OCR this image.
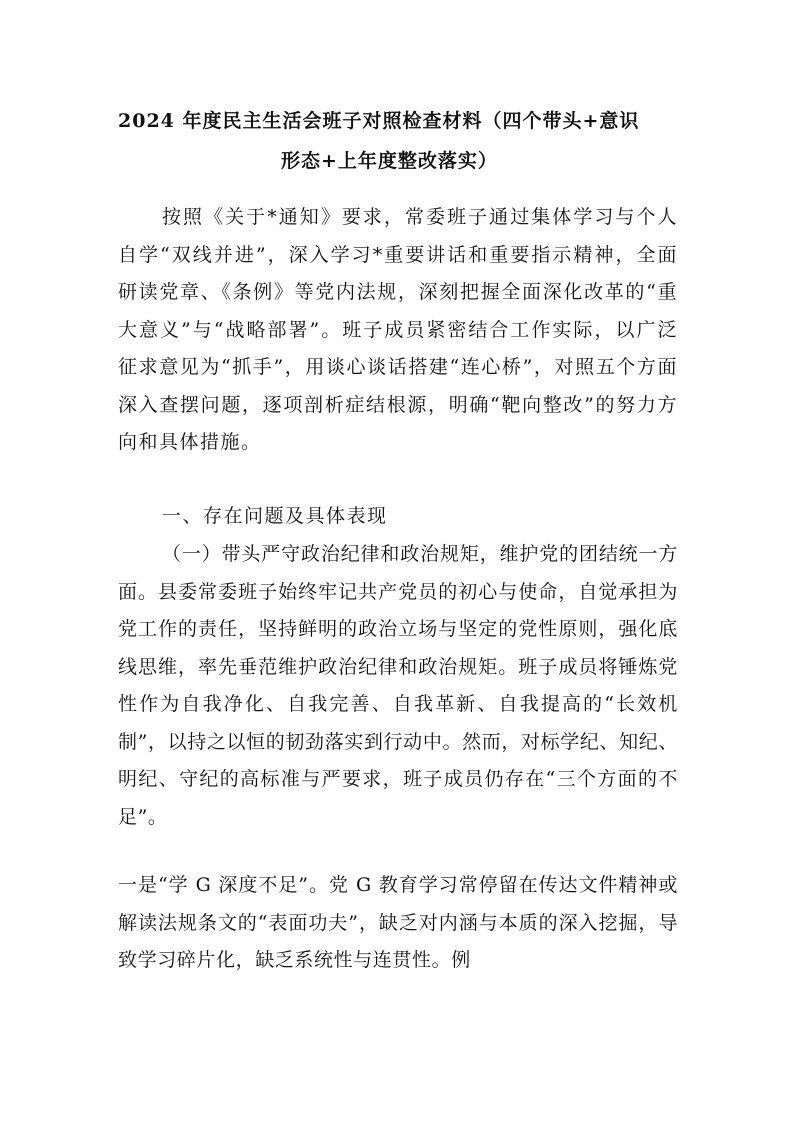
2024 年度民主生活会班子对照检查材料（四个带头+意识
形态+上年度整改落实）
按照《关于*通知》要求，常委班子通过集体学习与个人自学“双线并进”，深入学习*重要讲话和重要指示精神，全面研读党章、《条例》等党内法规，深刻把握全面深化改革的“重大意义”与“战略部署”。班子成员紧密结合工作实际，以广泛征求意见为“抓手”，用谈心谈话搭建“连心桥”，对照五个方面深入查摆问题，逐项剖析症结根源，明确“靶向整改”的努力方向和具体措施。
一、存在问题及具体表现
（一）带头严守政治纪律和政治规矩，维护党的团结统一方面。县委常委班子始终牢记共产党员的初心与使命，自觉承担为党工作的责任，坚持鲜明的政治立场与坚定的党性原则，强化底线思维，率先垂范维护政治纪律和政治规矩。班子成员将锤炼党性作为自我净化、自我完善、自我革新、自我提高的“长效机制”，以持之以恒的韧劲落实到行动中。然而，对标学纪、知纪、明纪、守纪的高标准与严要求，班子成员仍存在“三个方面的不足”。
一是“学 G 深度不足”。党 G 教育学习常停留在传达文件精神或解读法规条文的“表面功夫”，缺乏对内涵与本质的深入挖掘，导致学习碎片化，缺乏系统性与连贯性。例
